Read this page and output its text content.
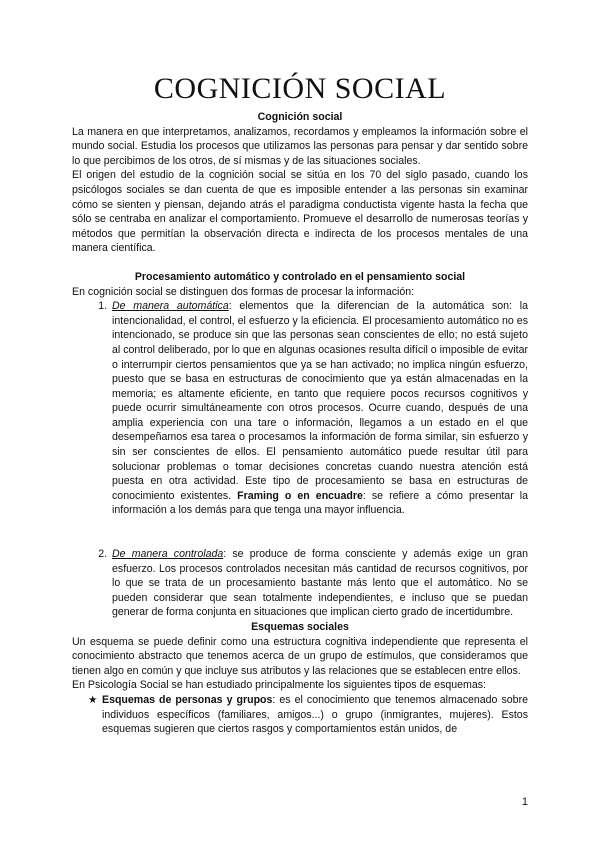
COGNICIÓN SOCIAL

Cognición social

La manera en que interpretamos, analizamos, recordamos y empleamos la información sobre el mundo social. Estudia los procesos que utilizamos las personas para pensar y dar sentido sobre lo que percibimos de los otros, de sí mismas y de las situaciones sociales.

El origen del estudio de la cognición social se sitúa en los 70 del siglo pasado, cuando los psicólogos sociales se dan cuenta de que es imposible entender a las personas sin examinar cómo se sienten y piensan, dejando atrás el paradigma conductista vigente hasta la fecha que sólo se centraba en analizar el comportamiento. Promueve el desarrollo de numerosas teorías y métodos que permitían la observación directa e indirecta de los procesos mentales de una manera científica.

Procesamiento automático y controlado en el pensamiento social

En cognición social se distinguen dos formas de procesar la información:

1. De manera automática: elementos que la diferencian de la automática son: la intencionalidad, el control, el esfuerzo y la eficiencia. El procesamiento automático no es intencionado, se produce sin que las personas sean conscientes de ello; no está sujeto al control deliberado, por lo que en algunas ocasiones resulta difícil o imposible de evitar o interrumpir ciertos pensamientos que ya se han activado; no implica ningún esfuerzo, puesto que se basa en estructuras de conocimiento que ya están almacenadas en la memoria; es altamente eficiente, en tanto que requiere pocos recursos cognitivos y puede ocurrir simultáneamente con otros procesos. Ocurre cuando, después de una amplia experiencia con una tare o información, llegamos a un estado en el que desempeñamos esa tarea o procesamos la información de forma similar, sin esfuerzo y sin ser conscientes de ellos. El pensamiento automático puede resultar útil para solucionar problemas o tomar decisiones concretas cuando nuestra atención está puesta en otra actividad. Este tipo de procesamiento se basa en estructuras de conocimiento existentes. Framing o en encuadre: se refiere a cómo presentar la información a los demás para que tenga una mayor influencia.
2. De manera controlada: se produce de forma consciente y además exige un gran esfuerzo. Los procesos controlados necesitan más cantidad de recursos cognitivos, por lo que se trata de un procesamiento bastante más lento que el automático. No se pueden considerar que sean totalmente independientes, e incluso que se puedan generar de forma conjunta en situaciones que implican cierto grado de incertidumbre.

Esquemas sociales

Un esquema se puede definir como una estructura cognitiva independiente que representa el conocimiento abstracto que tenemos acerca de un grupo de estímulos, que consideramos que tienen algo en común y que incluye sus atributos y las relaciones que se establecen entre ellos.

En Psicología Social se han estudiado principalmente los siguientes tipos de esquemas:

★ Esquemas de personas y grupos: es el conocimiento que tenemos almacenado sobre individuos específicos (familiares, amigos...) o grupo (inmigrantes, mujeres). Estos esquemas sugieren que ciertos rasgos y comportamientos están unidos, de
1
